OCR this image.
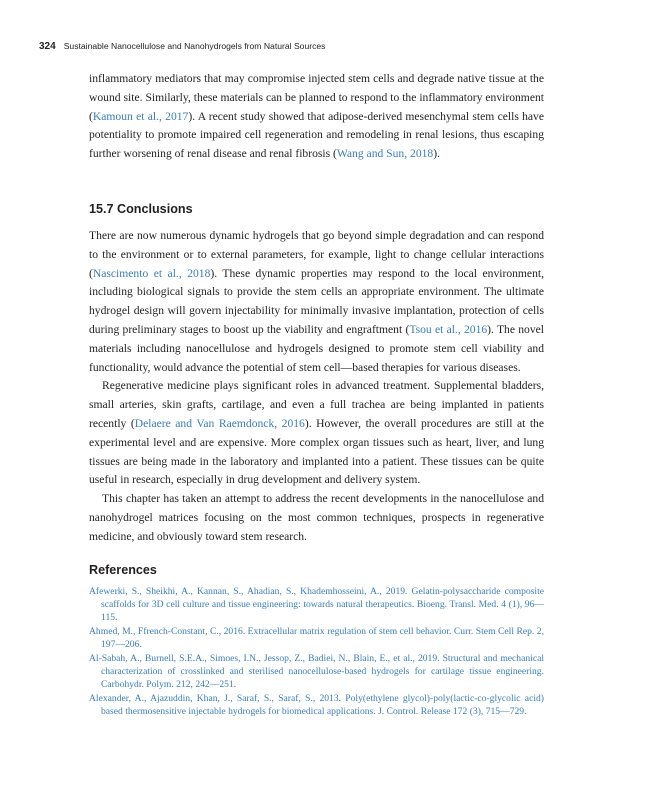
324 Sustainable Nanocellulose and Nanohydrogels from Natural Sources

inflammatory mediators that may compromise injected stem cells and degrade native tissue at the wound site. Similarly, these materials can be planned to respond to the inflammatory environment (Kamoun et al., 2017). A recent study showed that adipose-derived mesenchymal stem cells have potentiality to promote impaired cell regeneration and remodeling in renal lesions, thus escaping further worsening of renal disease and renal fibrosis (Wang and Sun, 2018).

15.7 Conclusions

There are now numerous dynamic hydrogels that go beyond simple degradation and can respond to the environment or to external parameters, for example, light to change cellular interactions (Nascimento et al., 2018). These dynamic properties may respond to the local environment, including biological signals to provide the stem cells an appropriate environment. The ultimate hydrogel design will govern injectability for minimally invasive implantation, protection of cells during preliminary stages to boost up the viability and engraftment (Tsou et al., 2016). The novel materials including nanocellulose and hydrogels designed to promote stem cell viability and functionality, would advance the potential of stem cell—based therapies for various diseases.

Regenerative medicine plays significant roles in advanced treatment. Supplemental bladders, small arteries, skin grafts, cartilage, and even a full trachea are being implanted in patients recently (Delaere and Van Raemdonck, 2016). However, the overall procedures are still at the experimental level and are expensive. More complex organ tissues such as heart, liver, and lung tissues are being made in the laboratory and implanted into a patient. These tissues can be quite useful in research, especially in drug development and delivery system.

This chapter has taken an attempt to address the recent developments in the nanocellulose and nanohydrogel matrices focusing on the most common techniques, prospects in regenerative medicine, and obviously toward stem research.

References

Afewerki, S., Sheikhi, A., Kannan, S., Ahadian, S., Khademhosseini, A., 2019. Gelatin-polysaccharide composite scaffolds for 3D cell culture and tissue engineering: towards natural therapeutics. Bioeng. Transl. Med. 4 (1), 96—115.

Ahmed, M., Ffrench-Constant, C., 2016. Extracellular matrix regulation of stem cell behavior. Curr. Stem Cell Rep. 2, 197—206.

Al-Sabah, A., Burnell, S.E.A., Simoes, I.N., Jessop, Z., Badiei, N., Blain, E., et al., 2019. Structural and mechanical characterization of crosslinked and sterilised nanocellulose-based hydrogels for cartilage tissue engineering. Carbohydr. Polym. 212, 242—251.

Alexander, A., Ajazuddin, Khan, J., Saraf, S., Saraf, S., 2013. Poly(ethylene glycol)-poly(lactic-co-glycolic acid) based thermosensitive injectable hydrogels for biomedical applications. J. Control. Release 172 (3), 715—729.
